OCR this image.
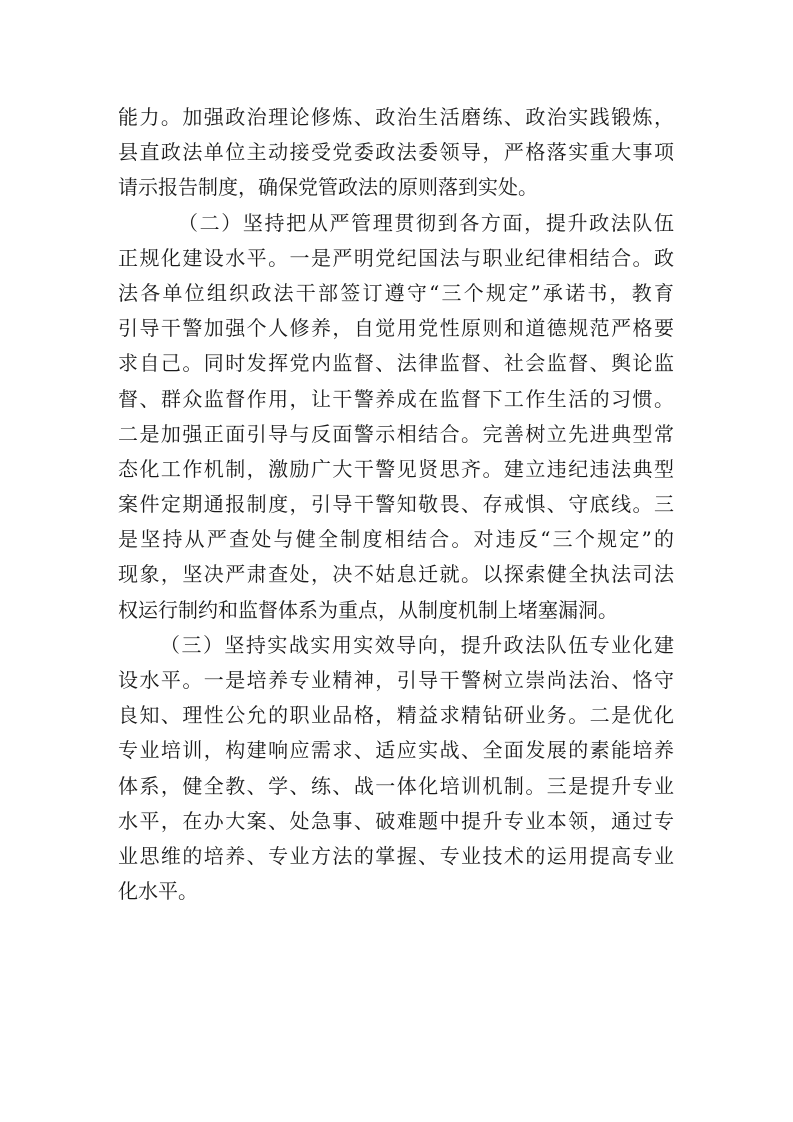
能力。加强政治理论修炼、政治生活磨练、政治实践锻炼，
县直政法单位主动接受党委政法委领导，严格落实重大事项
请示报告制度，确保党管政法的原则落到实处。
（二）坚持把从严管理贯彻到各方面，提升政法队伍
正规化建设水平。一是严明党纪国法与职业纪律相结合。政
法各单位组织政法干部签订遵守“三个规定”承诺书，教育
引导干警加强个人修养，自觉用党性原则和道德规范严格要
求自己。同时发挥党内监督、法律监督、社会监督、舆论监
督、群众监督作用，让干警养成在监督下工作生活的习惯。
二是加强正面引导与反面警示相结合。完善树立先进典型常
态化工作机制，激励广大干警见贤思齐。建立违纪违法典型
案件定期通报制度，引导干警知敬畏、存戒惧、守底线。三
是坚持从严查处与健全制度相结合。对违反“三个规定”的
现象，坚决严肃查处，决不姑息迁就。以探索健全执法司法
权运行制约和监督体系为重点，从制度机制上堵塞漏洞。
（三）坚持实战实用实效导向，提升政法队伍专业化建
设水平。一是培养专业精神，引导干警树立崇尚法治、恪守
良知、理性公允的职业品格，精益求精钻研业务。二是优化
专业培训，构建响应需求、适应实战、全面发展的素能培养
体系，健全教、学、练、战一体化培训机制。三是提升专业
水平，在办大案、处急事、破难题中提升专业本领，通过专
业思维的培养、专业方法的掌握、专业技术的运用提高专业
化水平。
